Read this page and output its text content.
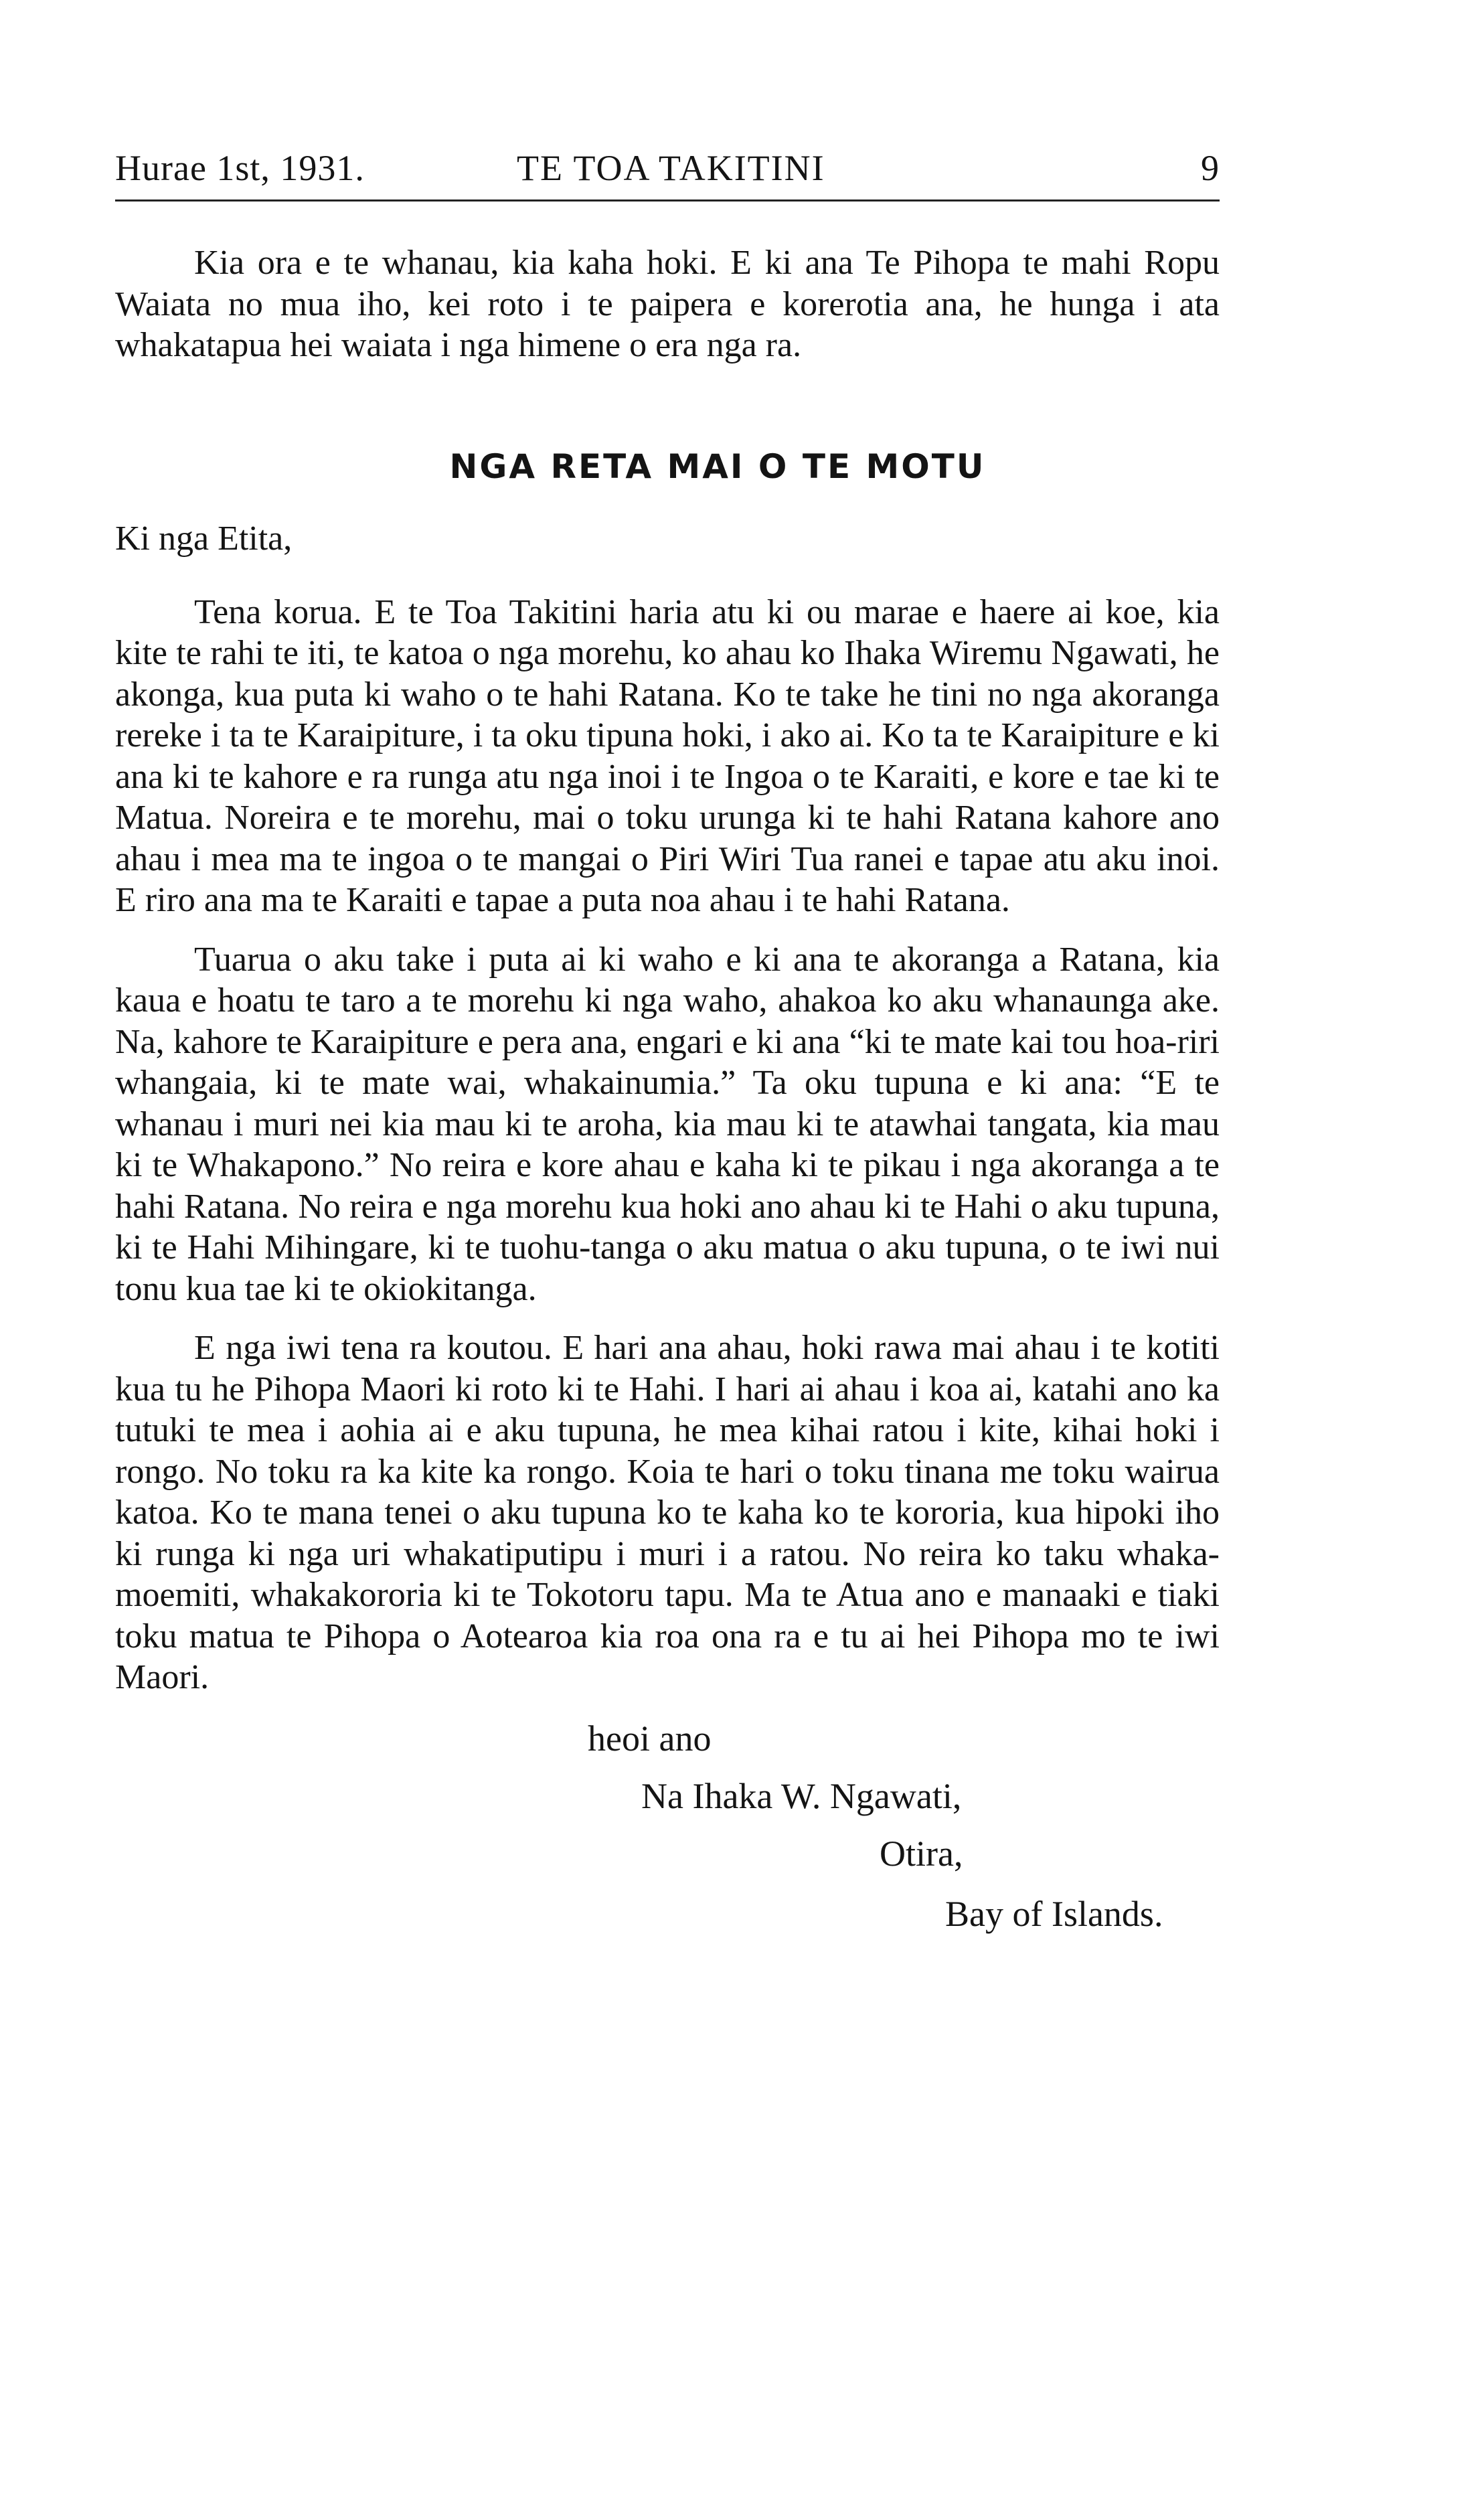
Hurae 1st, 1931.	TE TOA TAKITINI	9

Kia ora e te whanau, kia kaha hoki. E ki ana Te Pihopa te mahi Ropu Waiata no mua iho, kei roto i te paipera e korerotia ana, he hunga i ata whakatapua hei waiata i nga himene o era nga ra.

NGA RETA MAI O TE MOTU

Ki nga Etita,

Tena korua. E te Toa Takitini haria atu ki ou marae e haere ai koe, kia kite te rahi te iti, te katoa o nga morehu, ko ahau ko Ihaka Wiremu Ngawati, he akonga, kua puta ki waho o te hahi Ratana. Ko te take he tini no nga akoranga rereke i ta te Karaipiture, i ta oku tipuna hoki, i ako ai. Ko ta te Karaipiture e ki ana ki te kahore e ra runga atu nga inoi i te Ingoa o te Karaiti, e kore e tae ki te Matua. Noreira e te morehu, mai o toku urunga ki te hahi Ratana kahore ano ahau i mea ma te ingoa o te mangai o Piri Wiri Tua ranei e tapae atu aku inoi. E riro ana ma te Karaiti e tapae a puta noa ahau i te hahi Ratana.

Tuarua o aku take i puta ai ki waho e ki ana te akoranga a Ratana, kia kaua e hoatu te taro a te morehu ki nga waho, ahakoa ko aku whanaunga ake. Na, kahore te Karaipiture e pera ana, engari e ki ana “ki te mate kai tou hoa-riri whangaia, ki te mate wai, whakainumia.” Ta oku tupuna e ki ana: “E te whanau i muri nei kia mau ki te aroha, kia mau ki te atawhai tangata, kia mau ki te Whakapono.” No reira e kore ahau e kaha ki te pikau i nga akoranga a te hahi Ratana. No reira e nga morehu kua hoki ano ahau ki te Hahi o aku tupuna, ki te Hahi Mihingare, ki te tuohu-tanga o aku matua o aku tupuna, o te iwi nui tonu kua tae ki te okiokitanga.

E nga iwi tena ra koutou. E hari ana ahau, hoki rawa mai ahau i te kotiti kua tu he Pihopa Maori ki roto ki te Hahi. I hari ai ahau i koa ai, katahi ano ka tutuki te mea i aohia ai e aku tupuna, he mea kihai ratou i kite, kihai hoki i rongo. No toku ra ka kite ka rongo. Koia te hari o toku tinana me toku wairua katoa. Ko te mana tenei o aku tupuna ko te kaha ko te kororia, kua hipoki iho ki runga ki nga uri whakatiputipu i muri i a ratou. No reira ko taku whaka-moemiti, whakakororia ki te Tokotoru tapu. Ma te Atua ano e manaaki e tiaki toku matua te Pihopa o Aotearoa kia roa ona ra e tu ai hei Pihopa mo te iwi Maori.

heoi ano

Na Ihaka W. Ngawati,

Otira,

Bay of Islands.
